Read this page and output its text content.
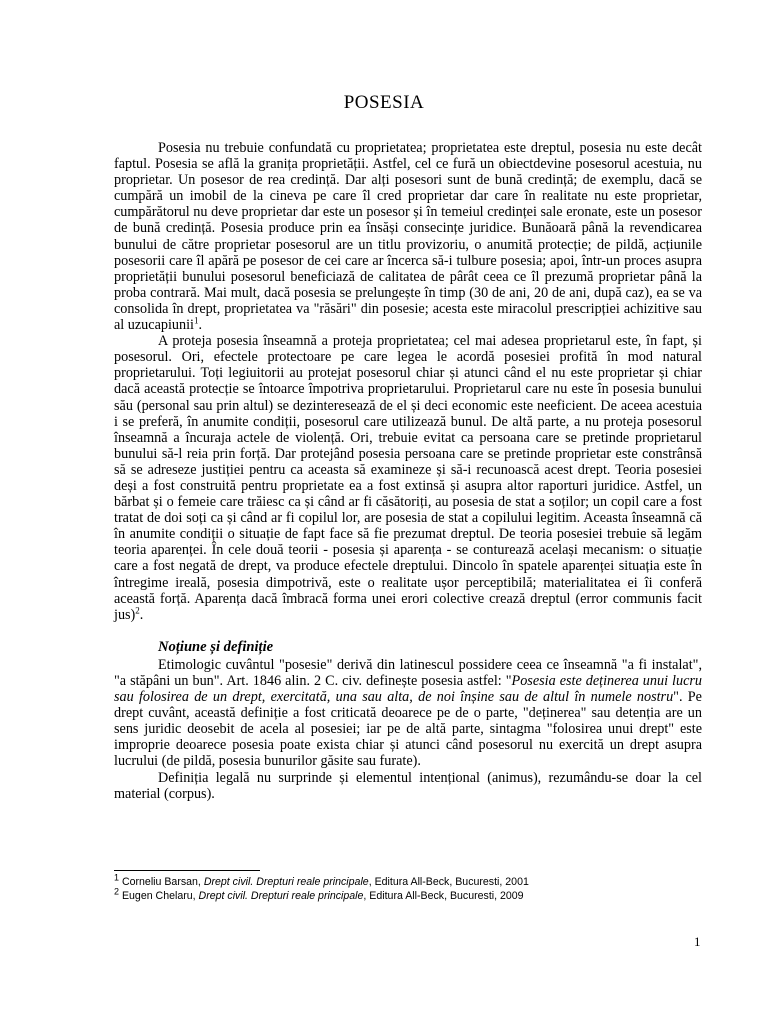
POSESIA

Posesia nu trebuie confundată cu proprietatea; proprietatea este dreptul, posesia nu este decât faptul. Posesia se află la granița proprietății. Astfel, cel ce fură un obiectdevine posesorul acestuia, nu proprietar. Un posesor de rea credință. Dar alți posesori sunt de bună credință; de exemplu, dacă se cumpără un imobil de la cineva pe care îl cred proprietar dar care în realitate nu este proprietar, cumpărătorul nu deve proprietar dar este un posesor și în temeiul credinței sale eronate, este un posesor de bună credință. Posesia produce prin ea însăși consecințe juridice. Bunăoară până la revendicarea bunului de către proprietar posesorul are un titlu provizoriu, o anumită protecție; de pildă, acțiunile posesorii care îl apără pe posesor de cei care ar încerca să-i tulbure posesia; apoi, într-un proces asupra proprietății bunului posesorul beneficiază de calitatea de pârât ceea ce îl prezumă proprietar până la proba contrară. Mai mult, dacă posesia se prelungește în timp (30 de ani, 20 de ani, după caz), ea se va consolida în drept, proprietatea va "răsări" din posesie; acesta este miracolul prescripției achizitive sau al uzucapiunii$^1$.

A proteja posesia înseamnă a proteja proprietatea; cel mai adesea proprietarul este, în fapt, și posesorul. Ori, efectele protectoare pe care legea le acordă posesiei profită în mod natural proprietarului. Toți legiuitorii au protejat posesorul chiar și atunci când el nu este proprietar și chiar dacă această protecție se întoarce împotriva proprietarului. Proprietarul care nu este în posesia bunului său (personal sau prin altul) se dezinteresează de el și deci economic este neeficient. De aceea acestuia i se preferă, în anumite condiții, posesorul care utilizează bunul. De altă parte, a nu proteja posesorul înseamnă a încuraja actele de violență. Ori, trebuie evitat ca persoana care se pretinde proprietarul bunului să-l reia prin forță. Dar protejând posesia persoana care se pretinde proprietar este constrânsă să se adreseze justiției pentru ca aceasta să examineze și să-i recunoască acest drept. Teoria posesiei deși a fost construită pentru proprietate ea a fost extinsă și asupra altor raporturi juridice. Astfel, un bărbat și o femeie care trăiesc ca și când ar fi căsătoriți, au posesia de stat a soților; un copil care a fost tratat de doi soți ca și când ar fi copilul lor, are posesia de stat a copilului legitim. Aceasta înseamnă că în anumite condiții o situație de fapt face să fie prezumat dreptul. De teoria posesiei trebuie să legăm teoria aparenței. În cele două teorii - posesia și aparența - se conturează același mecanism: o situație care a fost negată de drept, va produce efectele dreptului. Dincolo în spatele aparenței situația este în întregime ireală, posesia dimpotrivă, este o realitate ușor perceptibilă; materialitatea ei îi conferă această forță. Aparența dacă îmbracă forma unei erori colective crează dreptul (error communis facit jus)$^2$.

Noțiune și definiție

Etimologic cuvântul "posesie" derivă din latinescul possidere ceea ce înseamnă "a fi instalat", "a stăpâni un bun". Art. 1846 alin. 2 C. civ. definește posesia astfel: "Posesia este deținerea unui lucru sau folosirea de un drept, exercitată, una sau alta, de noi înșine sau de altul în numele nostru". Pe drept cuvânt, această definiție a fost criticată deoarece pe de o parte, "deținerea" sau detenția are un sens juridic deosebit de acela al posesiei; iar pe de altă parte, sintagma "folosirea unui drept" este improprie deoarece posesia poate exista chiar și atunci când posesorul nu exercită un drept asupra lucrului (de pildă, posesia bunurilor găsite sau furate).

Definiția legală nu surprinde și elementul intențional (animus), rezumându-se doar la cel material (corpus).

$^1$ Corneliu Barsan, Drept civil. Drepturi reale principale, Editura All-Beck, Bucuresti, 2001
$^2$ Eugen Chelaru, Drept civil. Drepturi reale principale, Editura All-Beck, Bucuresti, 2009
1
